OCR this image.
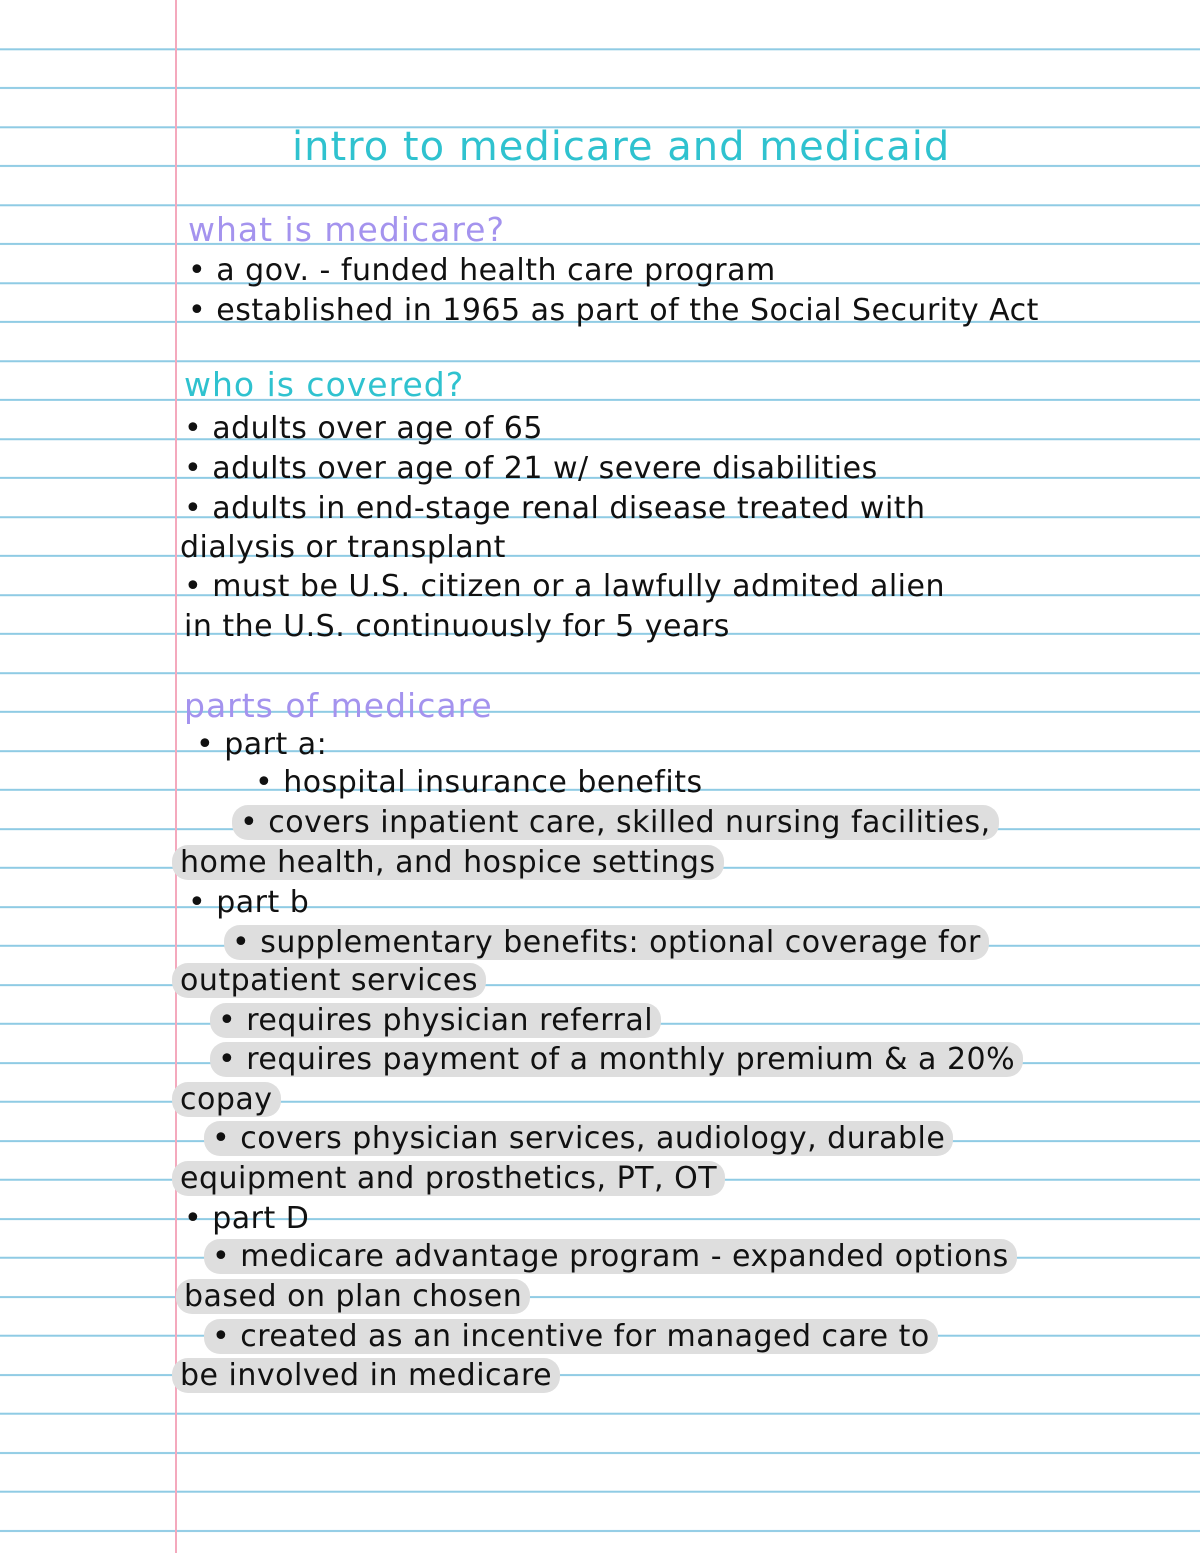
intro to medicare and medicaid
what is medicare?
• a gov. - funded health care program
• established in 1965 as part of the Social Security Act
who is covered?
• adults over age of 65
• adults over age of 21 w/ severe disabilities
• adults in end-stage renal disease treated with
dialysis or transplant
• must be U.S. citizen or a lawfully admited alien
in the U.S. continuously for 5 years
parts of medicare
• part a:
• hospital insurance benefits
• covers inpatient care, skilled nursing facilities,
home health, and hospice settings
• part b
• supplementary benefits: optional coverage for
outpatient services
• requires physician referral
• requires payment of a monthly premium & a 20%
copay
• covers physician services, audiology, durable
equipment and prosthetics, PT, OT
• part D
• medicare advantage program - expanded options
based on plan chosen
• created as an incentive for managed care to
be involved in medicare
